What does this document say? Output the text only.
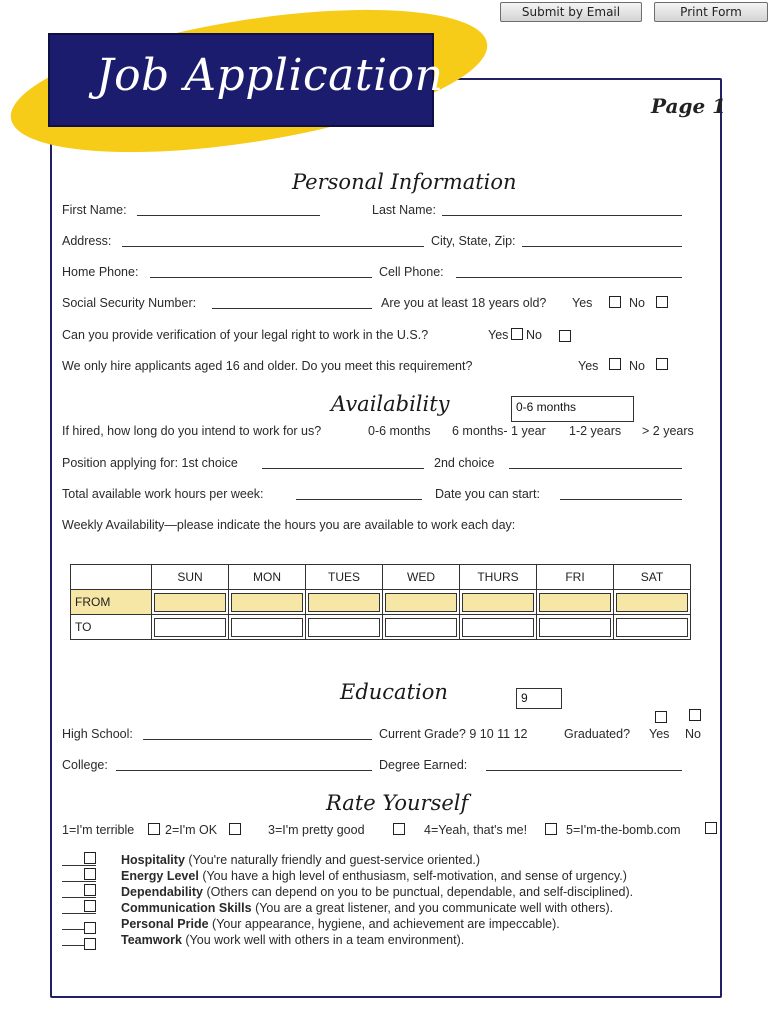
Submit by Email	Print Form
Job Application
Page 1
Personal Information
First Name:	Last Name:
Address:	City, State, Zip:
Home Phone:	Cell Phone:
Social Security Number:	Are you at least 18 years old? Yes	No
Can you provide verification of your legal right to work in the U.S.?	Yes No
We only hire applicants aged 16 and older. Do you meet this requirement?	Yes No
Availability	0-6 months
If hired, how long do you intend to work for us?	0-6 months 6 months- 1 year 1-2 years > 2 years
Position applying for: 1st choice	2nd choice
Total available work hours per week:	Date you can start:
Weekly Availability—please indicate the hours you are available to work each day:
	SUN	MON	TUES	WED	THURS	FRI	SAT
FROM	

TO	

Education	9
High School:	Current Grade? 9 10 11 12	Graduated? Yes No
College:	Degree Earned:
Rate Yourself
1=I'm terrible 2=I'm OK	3=I'm pretty good	4=Yeah, that's me!	5=I'm-the-bomb.com
Hospitality (You're naturally friendly and guest-service oriented.)
Energy Level (You have a high level of enthusiasm, self-motivation, and sense of urgency.)
Dependability (Others can depend on you to be punctual, dependable, and self-disciplined).
Communication Skills (You are a great listener, and you communicate well with others).
Personal Pride (Your appearance, hygiene, and achievement are impeccable).
Teamwork (You work well with others in a team environment).
